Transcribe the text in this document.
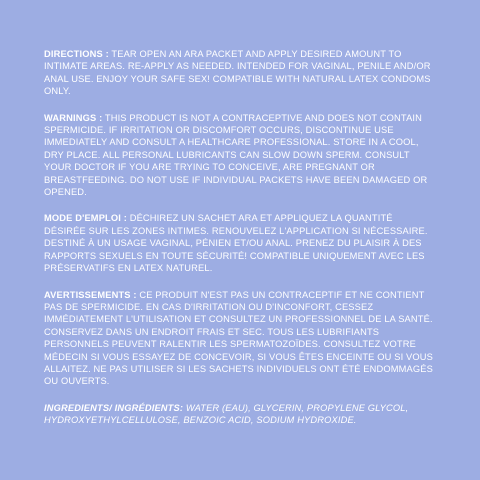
DIRECTIONS : TEAR OPEN AN ARA PACKET AND APPLY DESIRED AMOUNT TO INTIMATE AREAS. RE-APPLY AS NEEDED. INTENDED FOR VAGINAL, PENILE AND/OR ANAL USE. ENJOY YOUR SAFE SEX! COMPATIBLE WITH NATURAL LATEX CONDOMS ONLY.

WARNINGS : THIS PRODUCT IS NOT A CONTRACEPTIVE AND DOES NOT CONTAIN SPERMICIDE. IF IRRITATION OR DISCOMFORT OCCURS, DISCONTINUE USE IMMEDIATELY AND CONSULT A HEALTHCARE PROFESSIONAL. STORE IN A COOL, DRY PLACE. ALL PERSONAL LUBRICANTS CAN SLOW DOWN SPERM. CONSULT YOUR DOCTOR IF YOU ARE TRYING TO CONCEIVE, ARE PREGNANT OR BREASTFEEDING. DO NOT USE IF INDIVIDUAL PACKETS HAVE BEEN DAMAGED OR OPENED.

MODE D'EMPLOI : DÉCHIREZ UN SACHET ARA ET APPLIQUEZ LA QUANTITÉ DÉSIRÉE SUR LES ZONES INTIMES. RENOUVELEZ L'APPLICATION SI NÉCESSAIRE. DESTINÉ À UN USAGE VAGINAL, PÉNIEN ET/OU ANAL. PRENEZ DU PLAISIR À DES RAPPORTS SEXUELS EN TOUTE SÉCURITÉ! COMPATIBLE UNIQUEMENT AVEC LES PRÉSERVATIFS EN LATEX NATUREL.

AVERTISSEMENTS : CE PRODUIT N'EST PAS UN CONTRACEPTIF ET NE CONTIENT PAS DE SPERMICIDE. EN CAS D'IRRITATION OU D'INCONFORT, CESSEZ IMMÉDIATEMENT L'UTILISATION ET CONSULTEZ UN PROFESSIONNEL DE LA SANTÉ. CONSERVEZ DANS UN ENDROIT FRAIS ET SEC. TOUS LES LUBRIFIANTS PERSONNELS PEUVENT RALENTIR LES SPERMATOZOÏDES. CONSULTEZ VOTRE MÉDECIN SI VOUS ESSAYEZ DE CONCEVOIR, SI VOUS ÊTES ENCEINTE OU SI VOUS ALLAITEZ. NE PAS UTILISER SI LES SACHETS INDIVIDUELS ONT ÉTÉ ENDOMMAGÉS OU OUVERTS.

INGREDIENTS/ INGRÉDIENTS: WATER (EAU), GLYCERIN, PROPYLENE GLYCOL, HYDROXYETHYLCELLULOSE, BENZOIC ACID, SODIUM HYDROXIDE.
